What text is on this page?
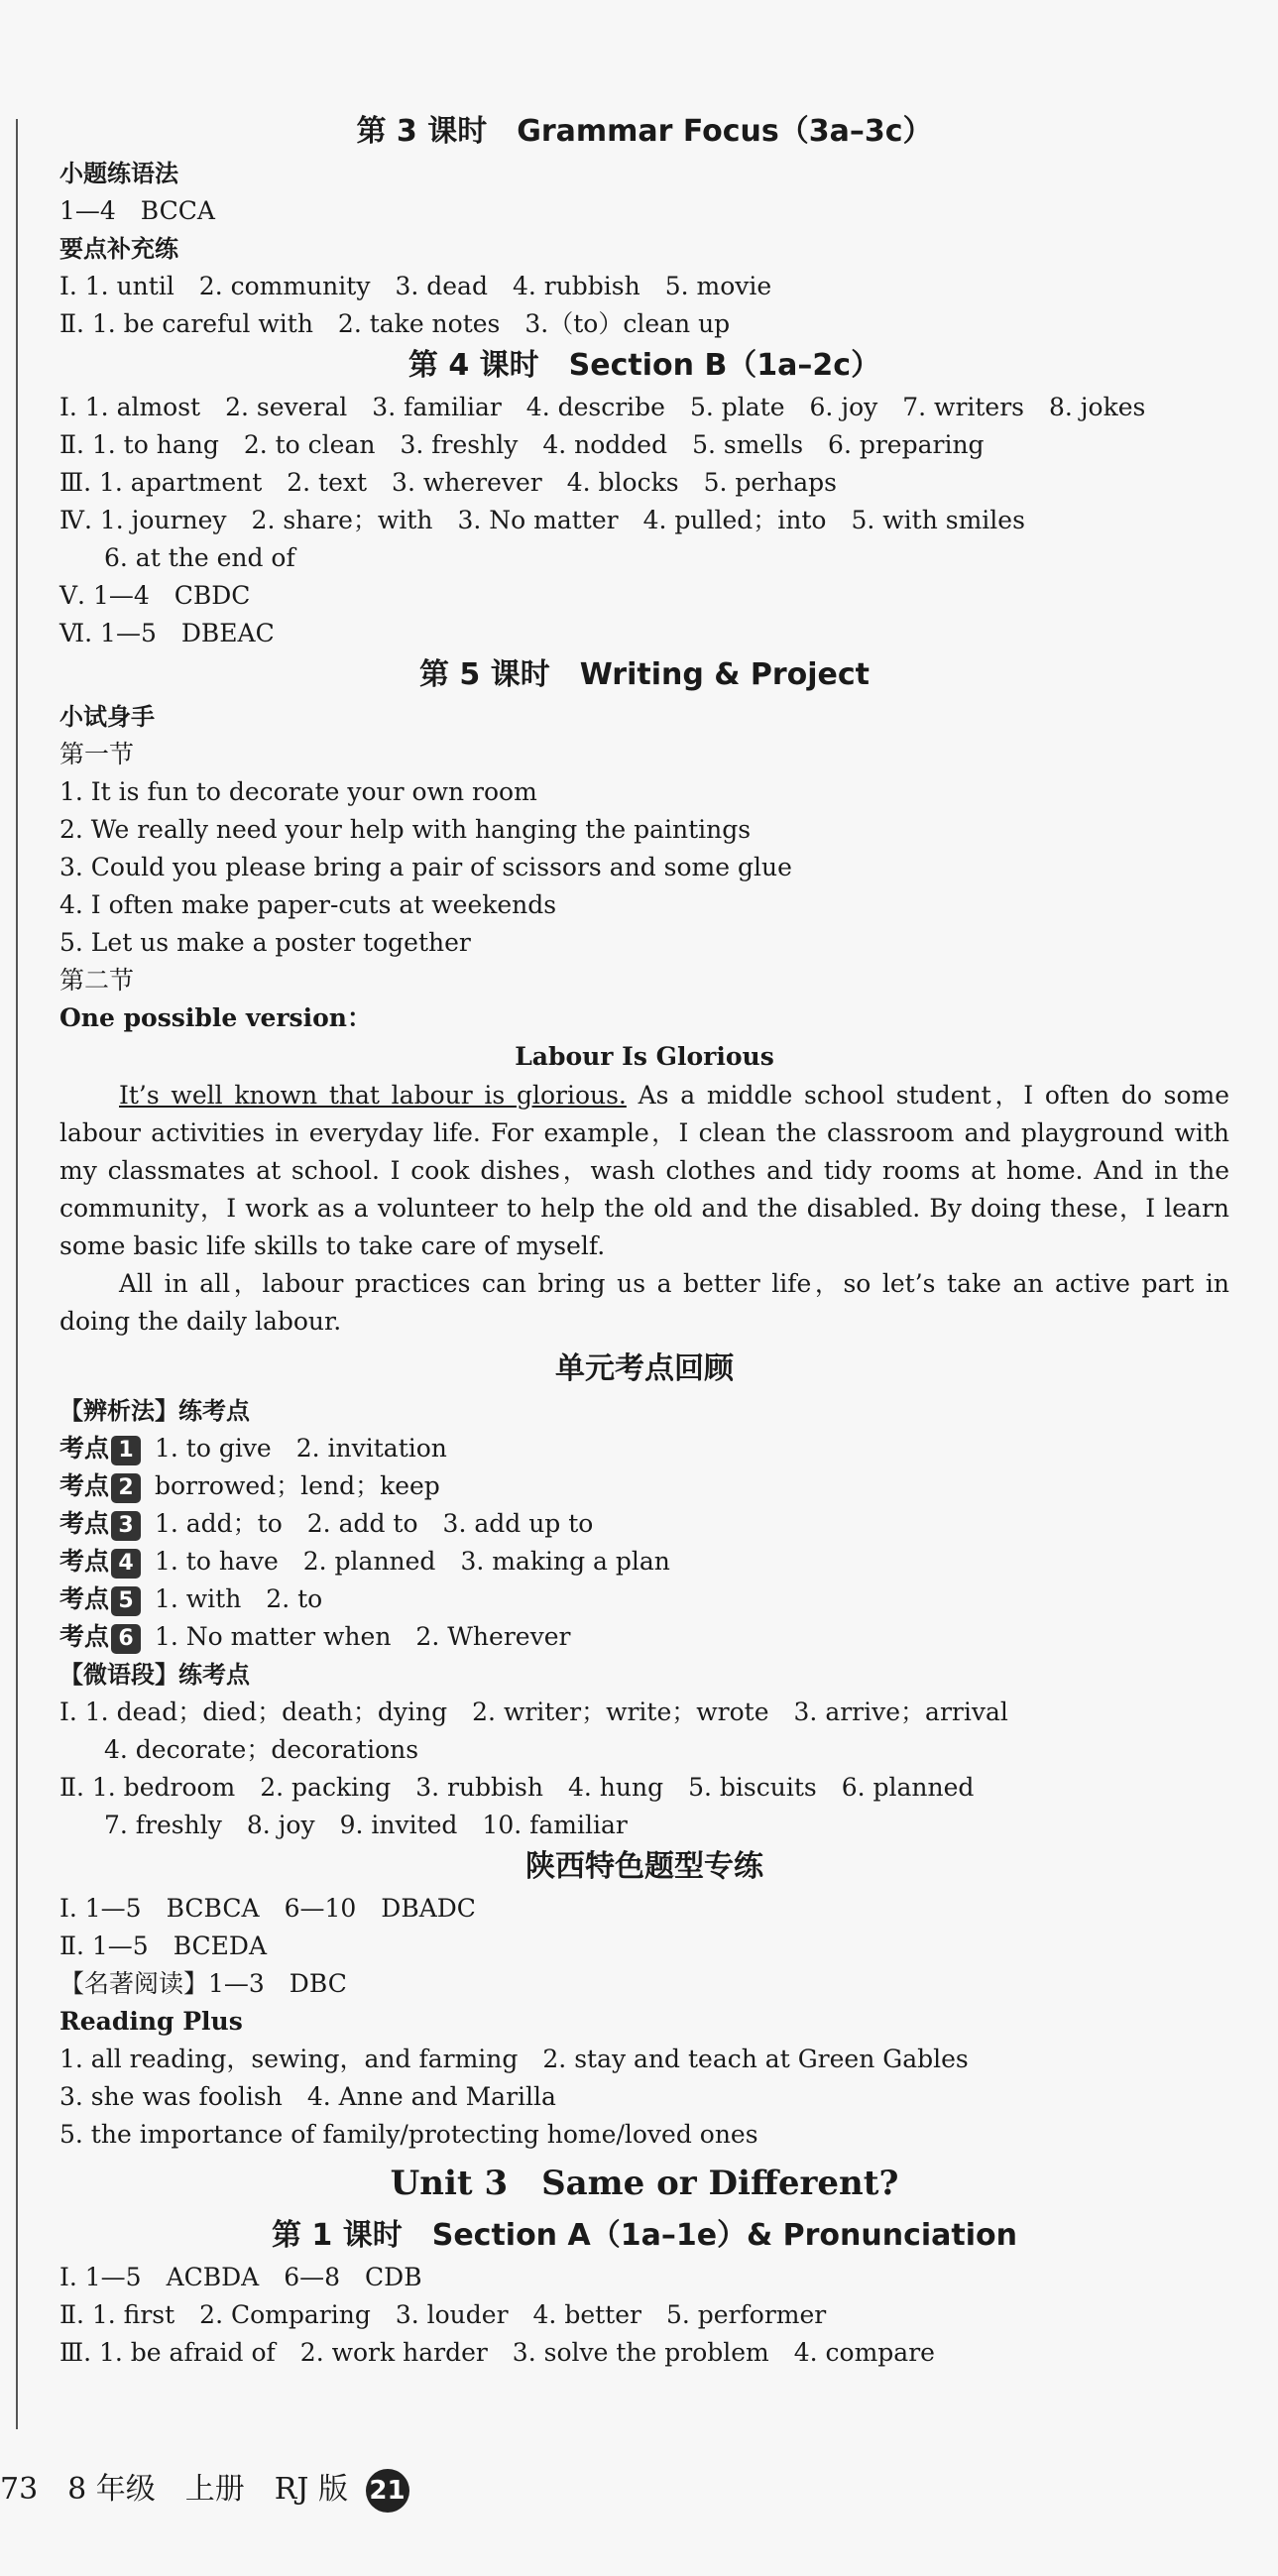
第 3 课时　Grammar Focus（3a–3c）
小题练语法
1—4　BCCA
要点补充练
Ⅰ. 1. until　2. community　3. dead　4. rubbish　5. movie
Ⅱ. 1. be careful with　2. take notes　3.（to）clean up
第 4 课时　Section B（1a–2c）
Ⅰ. 1. almost　2. several　3. familiar　4. describe　5. plate　6. joy　7. writers　8. jokes
Ⅱ. 1. to hang　2. to clean　3. freshly　4. nodded　5. smells　6. preparing
Ⅲ. 1. apartment　2. text　3. wherever　4. blocks　5. perhaps
Ⅳ. 1. journey　2. share；with　3. No matter　4. pulled；into　5. with smiles
6. at the end of
Ⅴ. 1—4　CBDC
Ⅵ. 1—5　DBEAC
第 5 课时　Writing & Project
小试身手
第一节
1. It is fun to decorate your own room
2. We really need your help with hanging the paintings
3. Could you please bring a pair of scissors and some glue
4. I often make paper-cuts at weekends
5. Let us make a poster together
第二节
One possible version：
Labour Is Glorious
It’s well known that labour is glorious. As a middle school student，I often do some labour activities in everyday life. For example，I clean the classroom and playground with my classmates at school. I cook dishes，wash clothes and tidy rooms at home. And in the community，I work as a volunteer to help the old and the disabled. By doing these，I learn some basic life skills to take care of myself.
All in all，labour practices can bring us a better life，so let’s take an active part in doing the daily labour.
单元考点回顾
【辨析法】练考点
考点 1 1. to give　2. invitation
考点 2 borrowed；lend；keep
考点 3 1. add；to　2. add to　3. add up to
考点 4 1. to have　2. planned　3. making a plan
考点 5 1. with　2. to
考点 6 1. No matter when　2. Wherever
【微语段】练考点
Ⅰ. 1. dead；died；death；dying　2. writer；write；wrote　3. arrive；arrival
4. decorate；decorations
Ⅱ. 1. bedroom　2. packing　3. rubbish　4. hung　5. biscuits　6. planned
7. freshly　8. joy　9. invited　10. familiar
陕西特色题型专练
Ⅰ. 1—5　BCBCA　6—10　DBADC
Ⅱ. 1—5　BCEDA
【名著阅读】1—3　DBC
Reading Plus
1. all reading，sewing，and farming　2. stay and teach at Green Gables
3. she was foolish　4. Anne and Marilla
5. the importance of family/protecting home/loved ones
Unit 3　Same or Different?
第 1 课时　Section A（1a–1e）& Pronunciation
Ⅰ. 1—5　ACBDA　6—8　CDB
Ⅱ. 1. first　2. Comparing　3. louder　4. better　5. performer
Ⅲ. 1. be afraid of　2. work harder　3. solve the problem　4. compare
73　8 年级　上册　RJ 版 21
